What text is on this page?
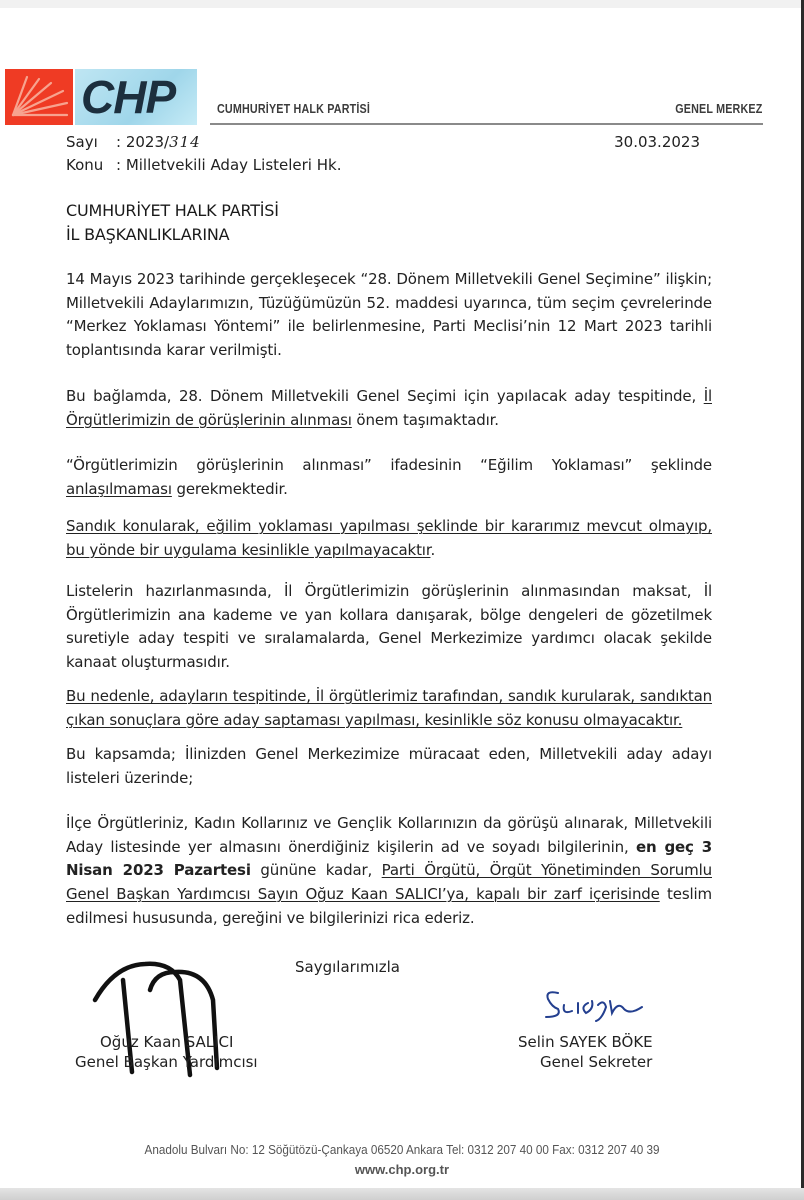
CHP	CUMHURİYET HALK PARTİSİ	GENEL MERKEZ
Sayı : 2023/314
Konu : Milletvekili Aday Listeleri Hk.
30.03.2023
CUMHURİYET HALK PARTİSİ
İL BAŞKANLIKLARINA
14 Mayıs 2023 tarihinde gerçekleşecek “28. Dönem Milletvekili Genel Seçimine” ilişkin; Milletvekili Adaylarımızın, Tüzüğümüzün 52. maddesi uyarınca, tüm seçim çevrelerinde “Merkez Yoklaması Yöntemi” ile belirlenmesine, Parti Meclisi’nin 12 Mart 2023 tarihli toplantısında karar verilmişti.
Bu bağlamda, 28. Dönem Milletvekili Genel Seçimi için yapılacak aday tespitinde, İl Örgütlerimizin de görüşlerinin alınması önem taşımaktadır.
“Örgütlerimizin görüşlerinin alınması” ifadesinin “Eğilim Yoklaması” şeklinde anlaşılmaması gerekmektedir.
Sandık konularak, eğilim yoklaması yapılması şeklinde bir kararımız mevcut olmayıp, bu yönde bir uygulama kesinlikle yapılmayacaktır.
Listelerin hazırlanmasında, İl Örgütlerimizin görüşlerinin alınmasından maksat, İl Örgütlerimizin ana kademe ve yan kollara danışarak, bölge dengeleri de gözetilmek suretiyle aday tespiti ve sıralamalarda, Genel Merkezimize yardımcı olacak şekilde kanaat oluşturmasıdır.
Bu nedenle, adayların tespitinde, İl örgütlerimiz tarafından, sandık kurularak, sandıktan çıkan sonuçlara göre aday saptaması yapılması, kesinlikle söz konusu olmayacaktır.
Bu kapsamda; İlinizden Genel Merkezimize müracaat eden, Milletvekili aday adayı listeleri üzerinde;
İlçe Örgütleriniz, Kadın Kollarınız ve Gençlik Kollarınızın da görüşü alınarak, Milletvekili Aday listesinde yer almasını önerdiğiniz kişilerin ad ve soyadı bilgilerinin, en geç 3 Nisan 2023 Pazartesi gününe kadar, Parti Örgütü, Örgüt Yönetiminden Sorumlu Genel Başkan Yardımcısı Sayın Oğuz Kaan SALICI’ya, kapalı bir zarf içerisinde teslim edilmesi hususunda, gereğini ve bilgilerinizi rica ederiz.
Saygılarımızla
Oğuz Kaan SALICI
Genel Başkan Yardımcısı
Selin SAYEK BÖKE
Genel Sekreter
Anadolu Bulvarı No: 12 Söğütözü-Çankaya 06520 Ankara Tel: 0312 207 40 00 Fax: 0312 207 40 39
www.chp.org.tr
